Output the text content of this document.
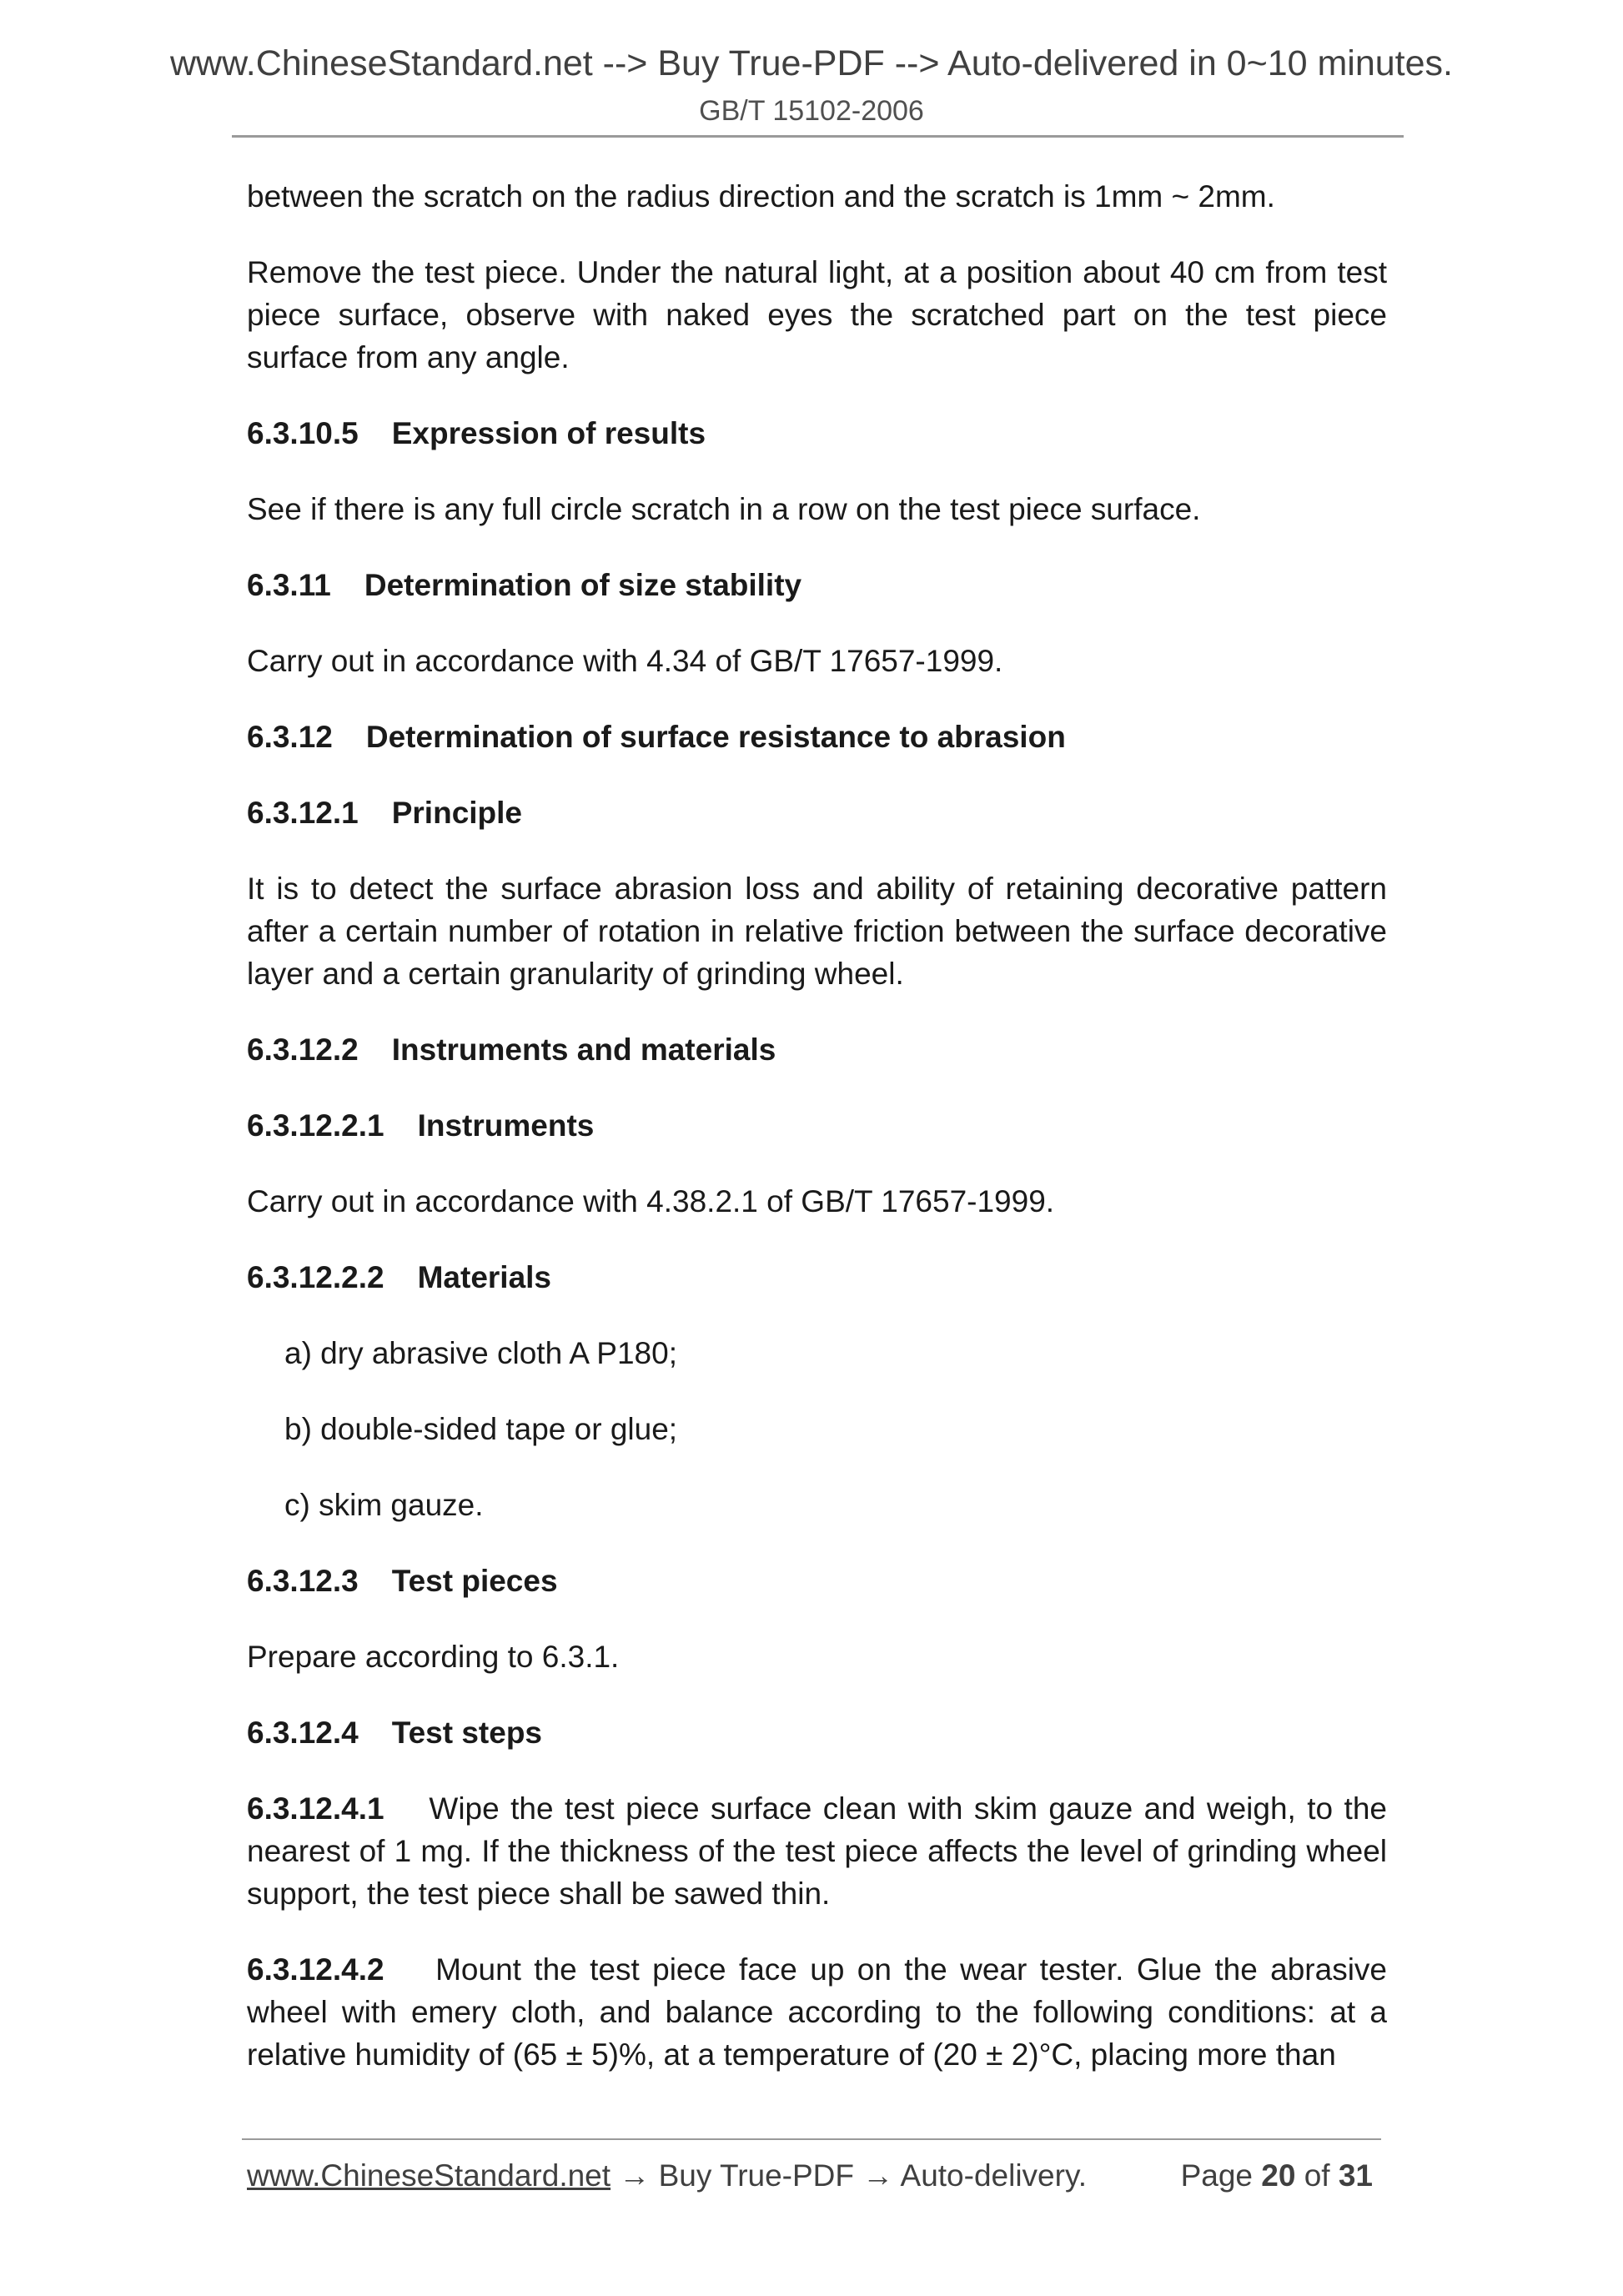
www.ChineseStandard.net --> Buy True-PDF --> Auto-delivered in 0~10 minutes.
GB/T 15102-2006

between the scratch on the radius direction and the scratch is 1mm ~ 2mm.

Remove the test piece. Under the natural light, at a position about 40 cm from test piece surface, observe with naked eyes the scratched part on the test piece surface from any angle.

6.3.10.5 Expression of results

See if there is any full circle scratch in a row on the test piece surface.

6.3.11 Determination of size stability

Carry out in accordance with 4.34 of GB/T 17657-1999.

6.3.12 Determination of surface resistance to abrasion
6.3.12.1 Principle

It is to detect the surface abrasion loss and ability of retaining decorative pattern after a certain number of rotation in relative friction between the surface decorative layer and a certain granularity of grinding wheel.

6.3.12.2 Instruments and materials
6.3.12.2.1 Instruments

Carry out in accordance with 4.38.2.1 of GB/T 17657-1999.

6.3.12.2.2 Materials

a) dry abrasive cloth A P180;

b) double-sided tape or glue;

c) skim gauze.

6.3.12.3 Test pieces

Prepare according to 6.3.1.

6.3.12.4 Test steps

6.3.12.4.1 Wipe the test piece surface clean with skim gauze and weigh, to the nearest of 1 mg. If the thickness of the test piece affects the level of grinding wheel support, the test piece shall be sawed thin.

6.3.12.4.2 Mount the test piece face up on the wear tester. Glue the abrasive wheel with emery cloth, and balance according to the following conditions: at a relative humidity of (65 ± 5)%, at a temperature of (20 ± 2)°C, placing more than

www.ChineseStandard.net → Buy True-PDF → Auto-delivery.	Page 20 of 31
